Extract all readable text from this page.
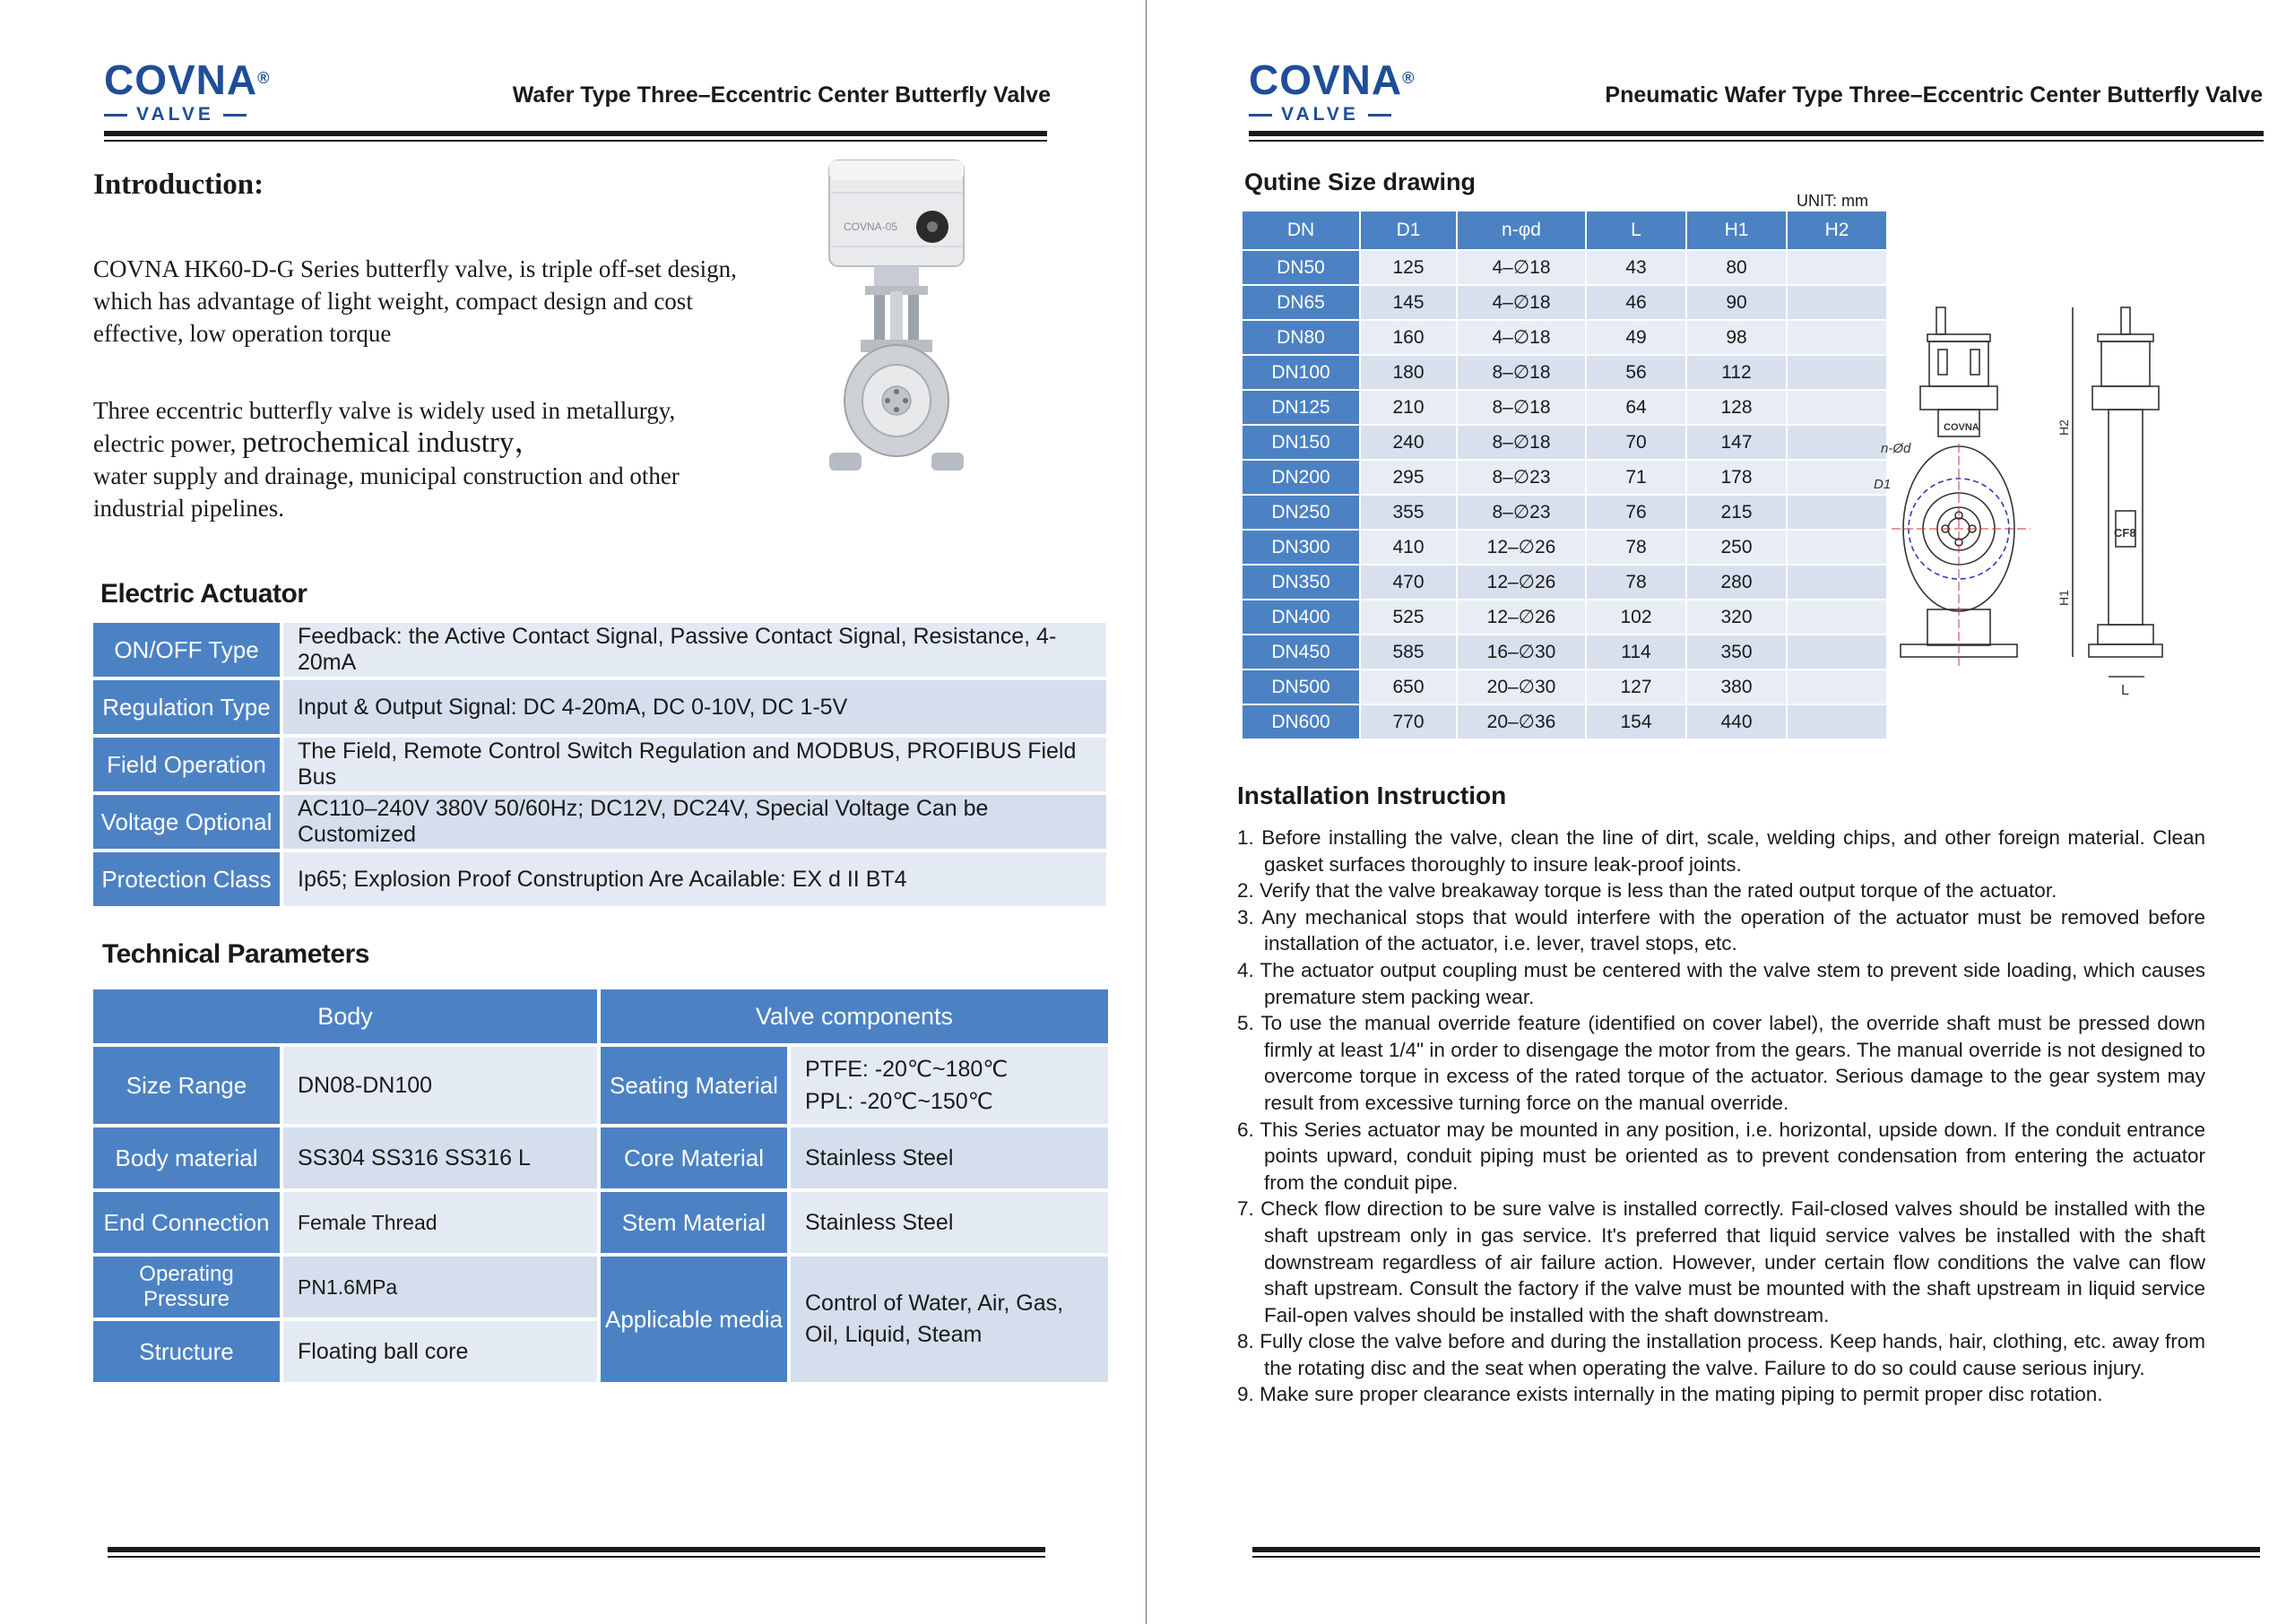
COVNA®
VALVE
Wafer Type Three–Eccentric Center Butterfly Valve
Introduction:
COVNA HK60-D-G Series butterfly valve, is triple off-set design, which has advantage of light weight, compact design and cost effective, low operation torque
Three eccentric butterfly valve is widely used in metallurgy, electric power, petrochemical industry，
water supply and drainage, municipal construction and other industrial pipelines.
COVNA-05
Electric Actuator
ON/OFF Type	Feedback: the Active Contact Signal, Passive Contact Signal, Resistance, 4-20mA
Regulation Type	Input & Output Signal: DC 4-20mA, DC 0-10V, DC 1-5V
Field Operation	The Field, Remote Control Switch Regulation and MODBUS, PROFIBUS Field Bus
Voltage Optional	AC110–240V 380V 50/60Hz; DC12V, DC24V, Special Voltage Can be Customized
Protection Class	Ip65; Explosion Proof Construption Are Acailable: EX d II BT4
Technical Parameters
Body		Valve components	
Size Range	DN08-DN100	Seating Material	PTFE: -20℃~180℃
PPL: -20℃~150℃

Body material	SS304 SS316 SS316 L	Core Material	Stainless Steel
End Connection	Female Thread	Stem Material	Stainless Steel
Operating Pressure	PN1.6MPa	Applicable media	Control of Water, Air, Gas,
Oil, Liquid, Steam

Structure	Floating ball core		
COVNA®
VALVE
Pneumatic Wafer Type Three–Eccentric Center Butterfly Valve
Qutine Size drawing
UNIT: mm
DN	D1	n-φd	L	H1	H2
DN50	125	4–∅18	43	80	
DN65	145	4–∅18	46	90	
DN80	160	4–∅18	49	98	
DN100	180	8–∅18	56	112	
DN125	210	8–∅18	64	128	
DN150	240	8–∅18	70	147	
DN200	295	8–∅23	71	178	
DN250	355	8–∅23	76	215	
DN300	410	12–∅26	78	250	
DN350	470	12–∅26	78	280	
DN400	525	12–∅26	102	320	
DN450	585	16–∅30	114	350	
DN500	650	20–∅30	127	380	
DN600	770	20–∅36	154	440	
n-Ød
D1
COVNA
CF8
H1
H2
L
Installation Instruction
1. Before installing the valve, clean the line of dirt, scale, welding chips, and other foreign material. Clean gasket surfaces thoroughly to insure leak-proof joints.
2. Verify that the valve breakaway torque is less than the rated output torque of the actuator.
3. Any mechanical stops that would interfere with the operation of the actuator must be removed before installation of the actuator, i.e. lever, travel stops, etc.
4. The actuator output coupling must be centered with the valve stem to prevent side loading, which causes premature stem packing wear.
5. To use the manual override feature (identified on cover label), the override shaft must be pressed down firmly at least 1/4" in order to disengage the motor from the gears. The manual override is not designed to overcome torque in excess of the rated torque of the actuator. Serious damage to the gear system may result from excessive turning force on the manual override.
6. This Series actuator may be mounted in any position, i.e. horizontal, upside down. If the conduit entrance points upward, conduit piping must be oriented as to prevent condensation from entering the actuator from the conduit pipe.
7. Check flow direction to be sure valve is installed correctly. Fail-closed valves should be installed with the shaft upstream only in gas service. It's preferred that liquid service valves be installed with the shaft downstream regardless of air failure action. However, under certain flow conditions the valve can flow shaft upstream. Consult the factory if the valve must be mounted with the shaft upstream in liquid service Fail-open valves should be installed with the shaft downstream.
8. Fully close the valve before and during the installation process. Keep hands, hair, clothing, etc. away from the rotating disc and the seat when operating the valve. Failure to do so could cause serious injury.
9. Make sure proper clearance exists internally in the mating piping to permit proper disc rotation.
